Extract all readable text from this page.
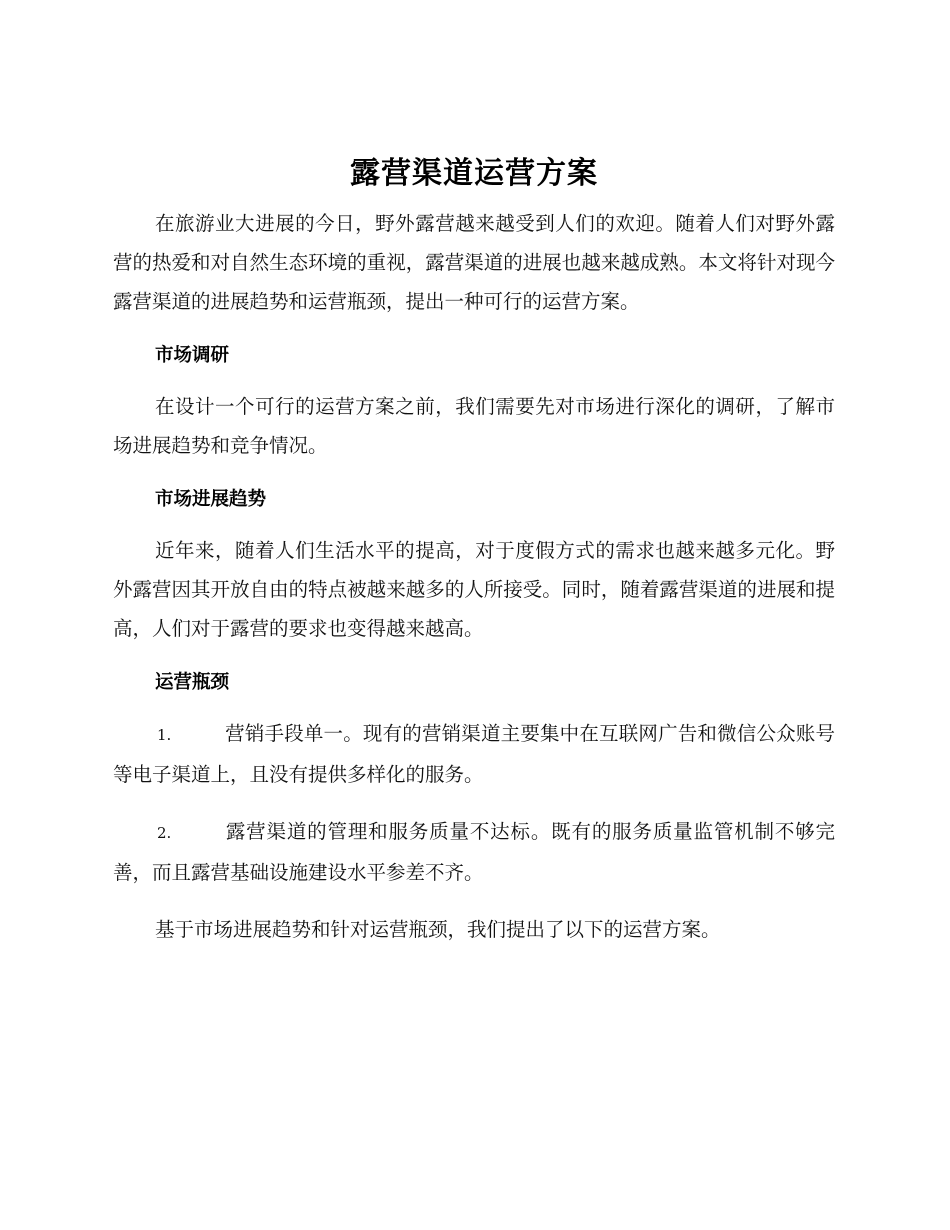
露营渠道运营方案

在旅游业大进展的今日，野外露营越来越受到人们的欢迎。随着人们对野外露营的热爱和对自然生态环境的重视，露营渠道的进展也越来越成熟。本文将针对现今露营渠道的进展趋势和运营瓶颈，提出一种可行的运营方案。

市场调研

在设计一个可行的运营方案之前，我们需要先对市场进行深化的调研，了解市场进展趋势和竞争情况。

市场进展趋势

近年来，随着人们生活水平的提高，对于度假方式的需求也越来越多元化。野外露营因其开放自由的特点被越来越多的人所接受。同时，随着露营渠道的进展和提高，人们对于露营的要求也变得越来越高。

运营瓶颈

1.	营销手段单一。现有的营销渠道主要集中在互联网广告和微信公众账号等电子渠道上，且没有提供多样化的服务。

2.	露营渠道的管理和服务质量不达标。既有的服务质量监管机制不够完善，而且露营基础设施建设水平参差不齐。

基于市场进展趋势和针对运营瓶颈，我们提出了以下的运营方案。
